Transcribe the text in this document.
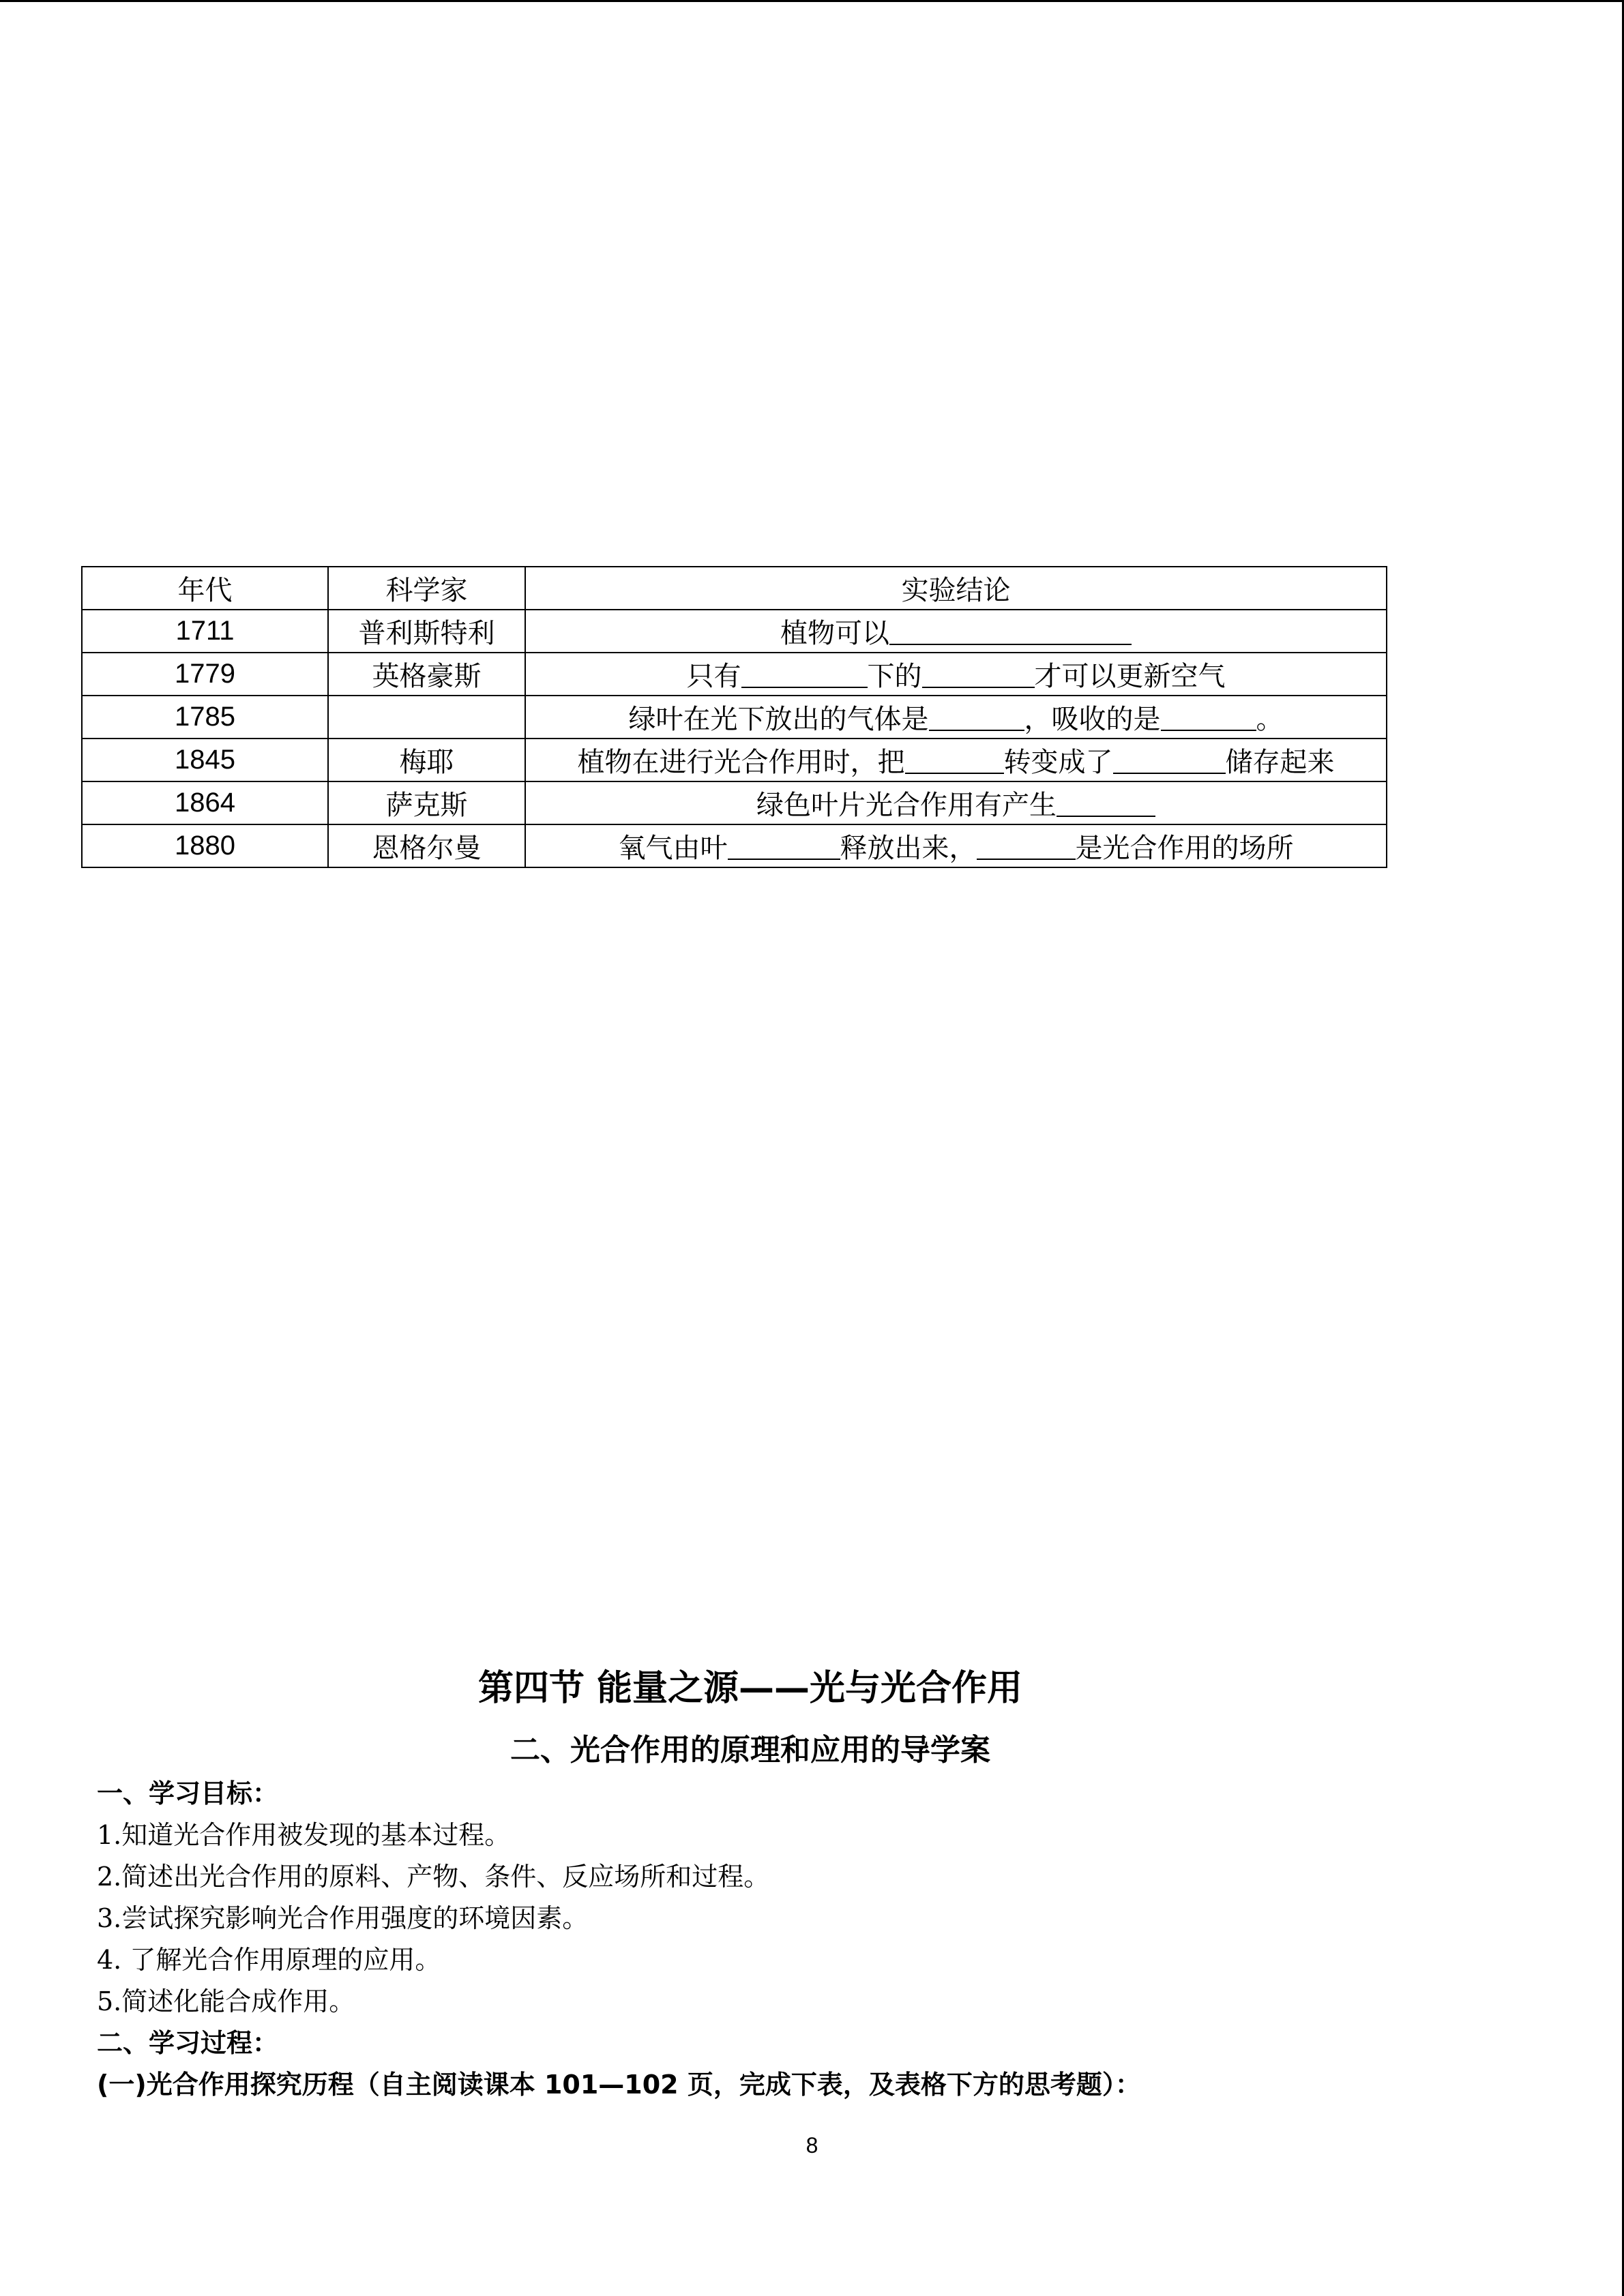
年代	科学家	实验结论
1711	普利斯特利	植物可以
1779	英格豪斯	只有 下的 才可以更新空气
1785		绿叶在光下放出的气体是 ，吸收的是 。
1845	梅耶	植物在进行光合作用时，把 转变成了 储存起来
1864	萨克斯	绿色叶片光合作用有产生
1880	恩格尔曼	氧气由叶 释放出来， 是光合作用的场所
第四节 能量之源——光与光合作用
二、光合作用的原理和应用的导学案
一、学习目标：
1.知道光合作用被发现的基本过程。
2.简述出光合作用的原料、产物、条件、反应场所和过程。
3.尝试探究影响光合作用强度的环境因素。
4. 了解光合作用原理的应用。
5.简述化能合成作用。
二、学习过程：
(一)光合作用探究历程（自主阅读课本 101—102 页，完成下表，及表格下方的思考题）：
8
